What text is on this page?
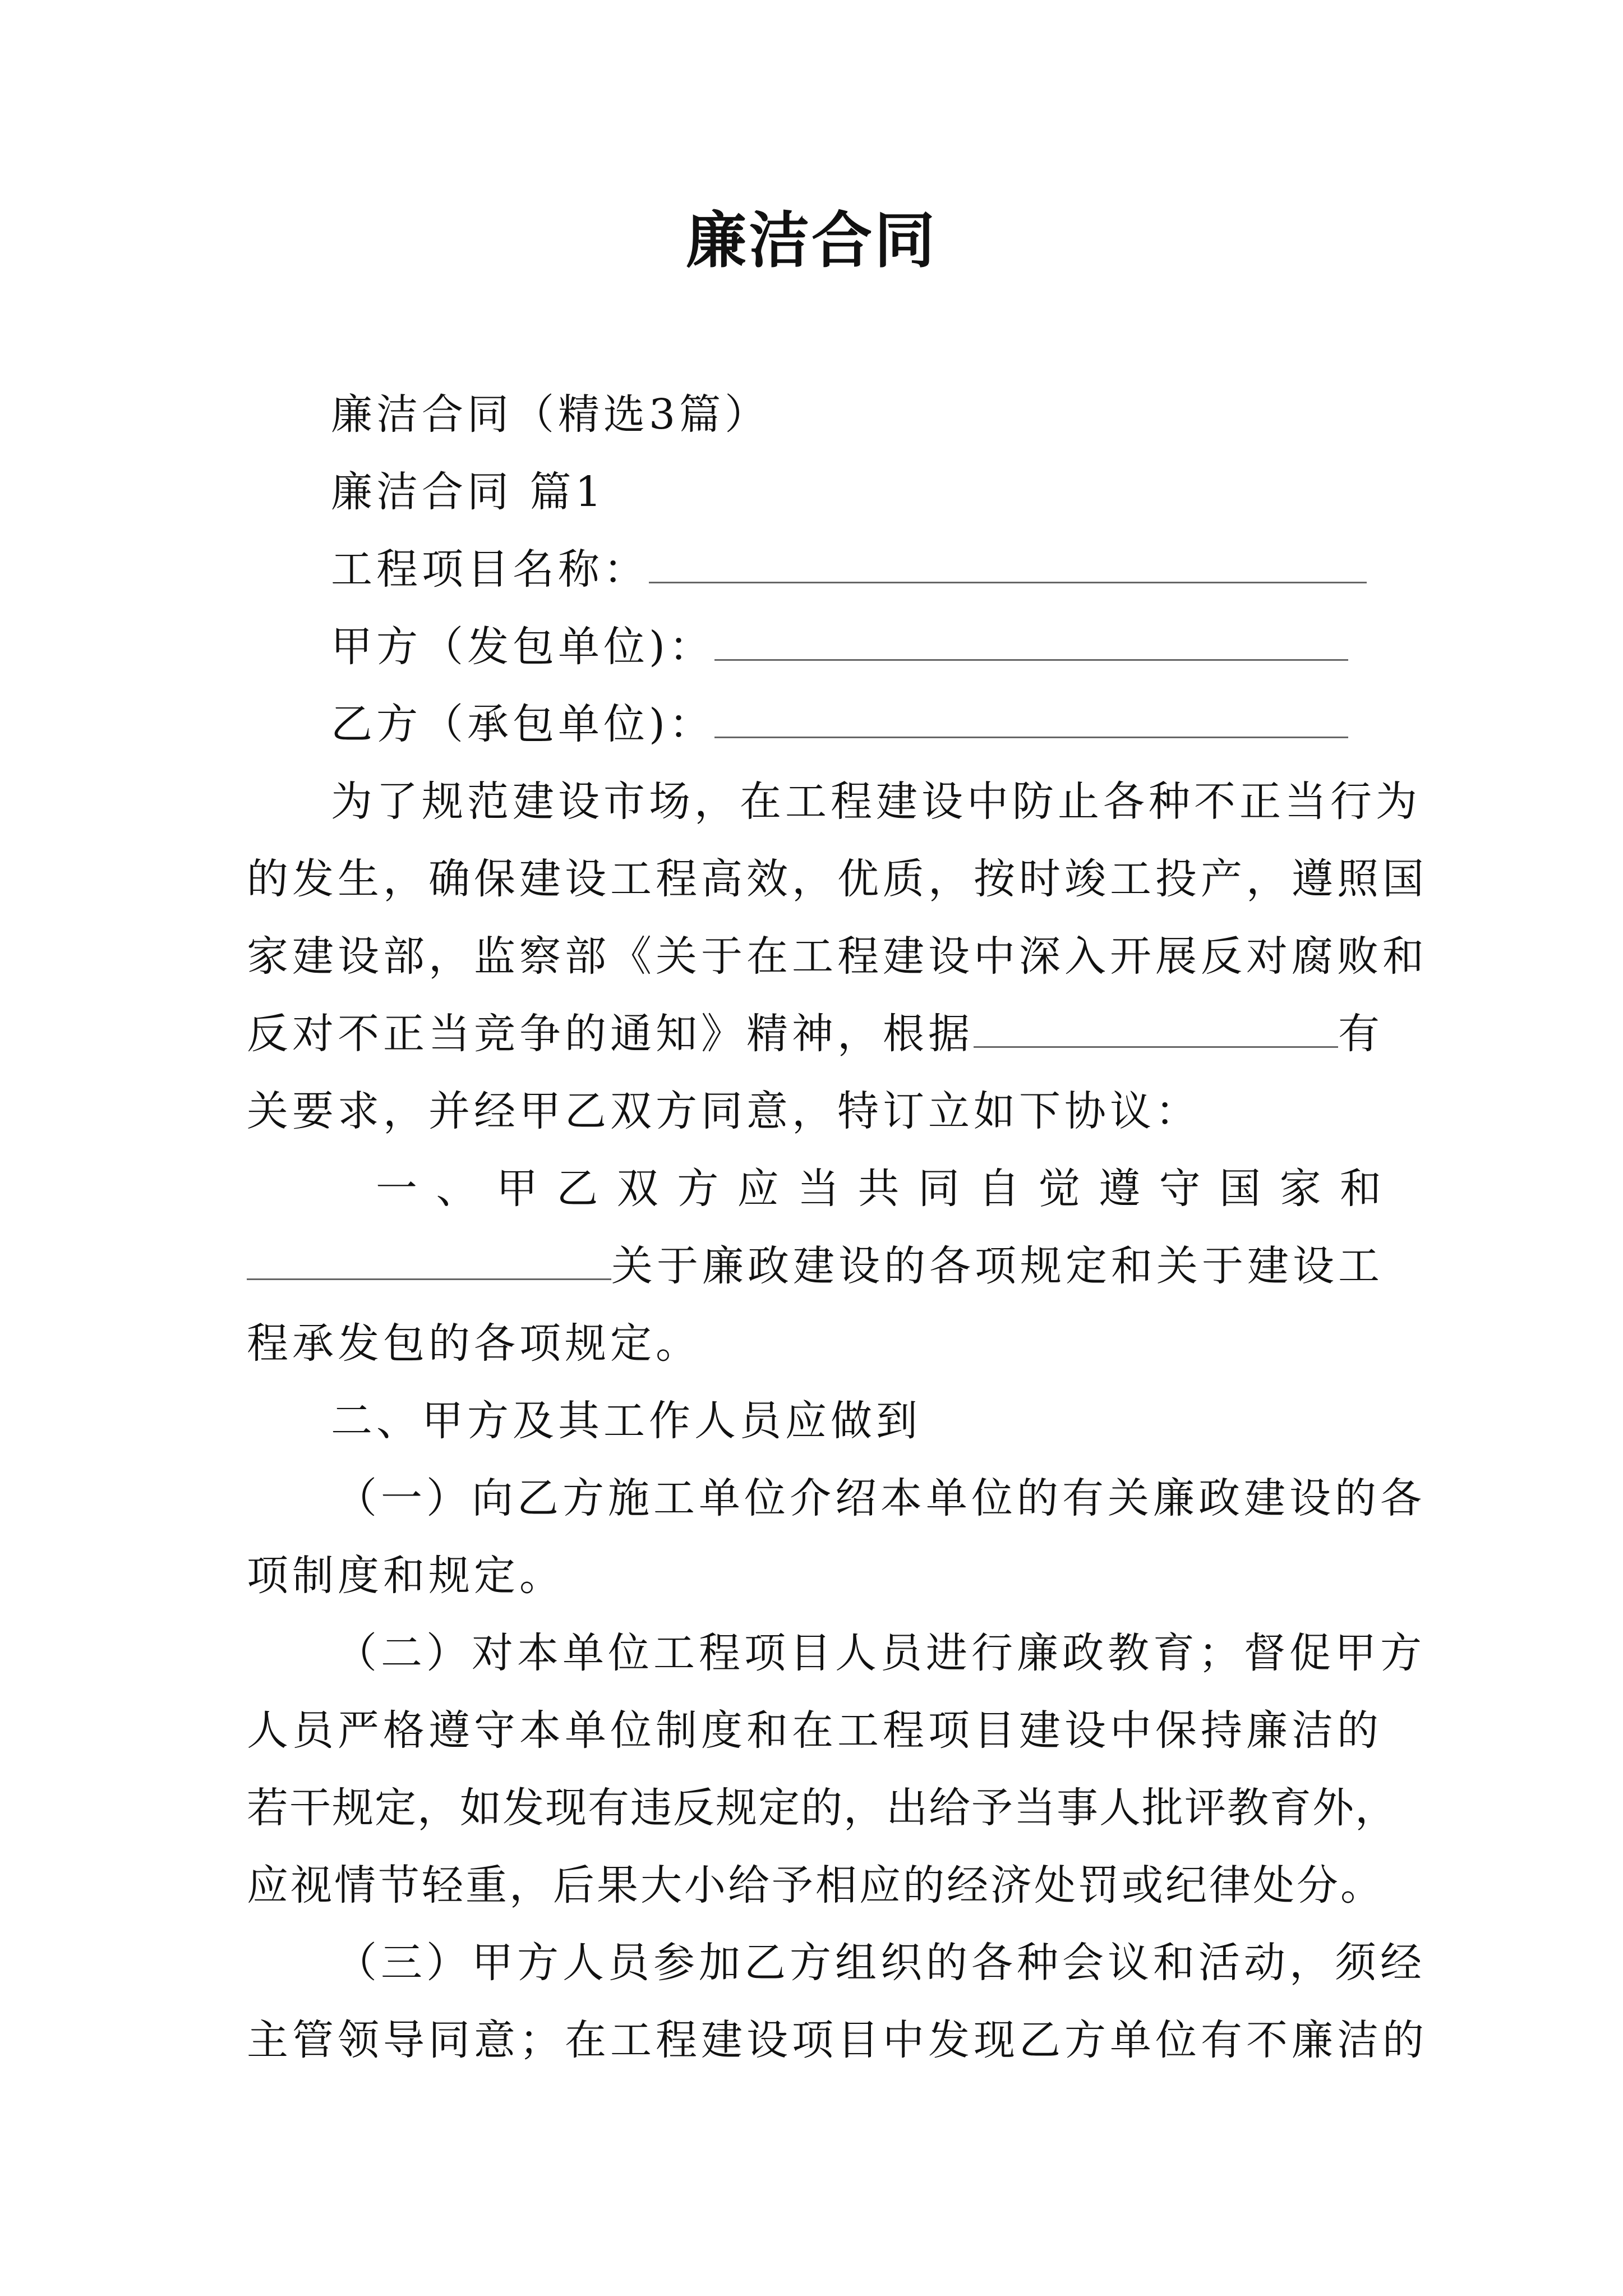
廉洁合同
廉洁合同（精选3篇）
廉洁合同 篇1
工程项目名称：
甲方（发包单位)：
乙方（承包单位)：
为了规范建设市场，在工程建设中防止各种不正当行为
的发生，确保建设工程高效，优质，按时竣工投产，遵照国
家建设部，监察部《关于在工程建设中深入开展反对腐败和
反对不正当竞争的通知》精神，根据	有
关要求，并经甲乙双方同意，特订立如下协议：
一 、 甲 乙 双 方 应 当 共 同 自 觉 遵 守 国 家 和
关于廉政建设的各项规定和关于建设工
程承发包的各项规定。
二、甲方及其工作人员应做到
（一）向乙方施工单位介绍本单位的有关廉政建设的各
项制度和规定。
（二）对本单位工程项目人员进行廉政教育；督促甲方
人员严格遵守本单位制度和在工程项目建设中保持廉洁的
若干规定，如发现有违反规定的，出给予当事人批评教育外，
应视情节轻重，后果大小给予相应的经济处罚或纪律处分。
（三）甲方人员参加乙方组织的各种会议和活动，须经
主管领导同意；在工程建设项目中发现乙方单位有不廉洁的
